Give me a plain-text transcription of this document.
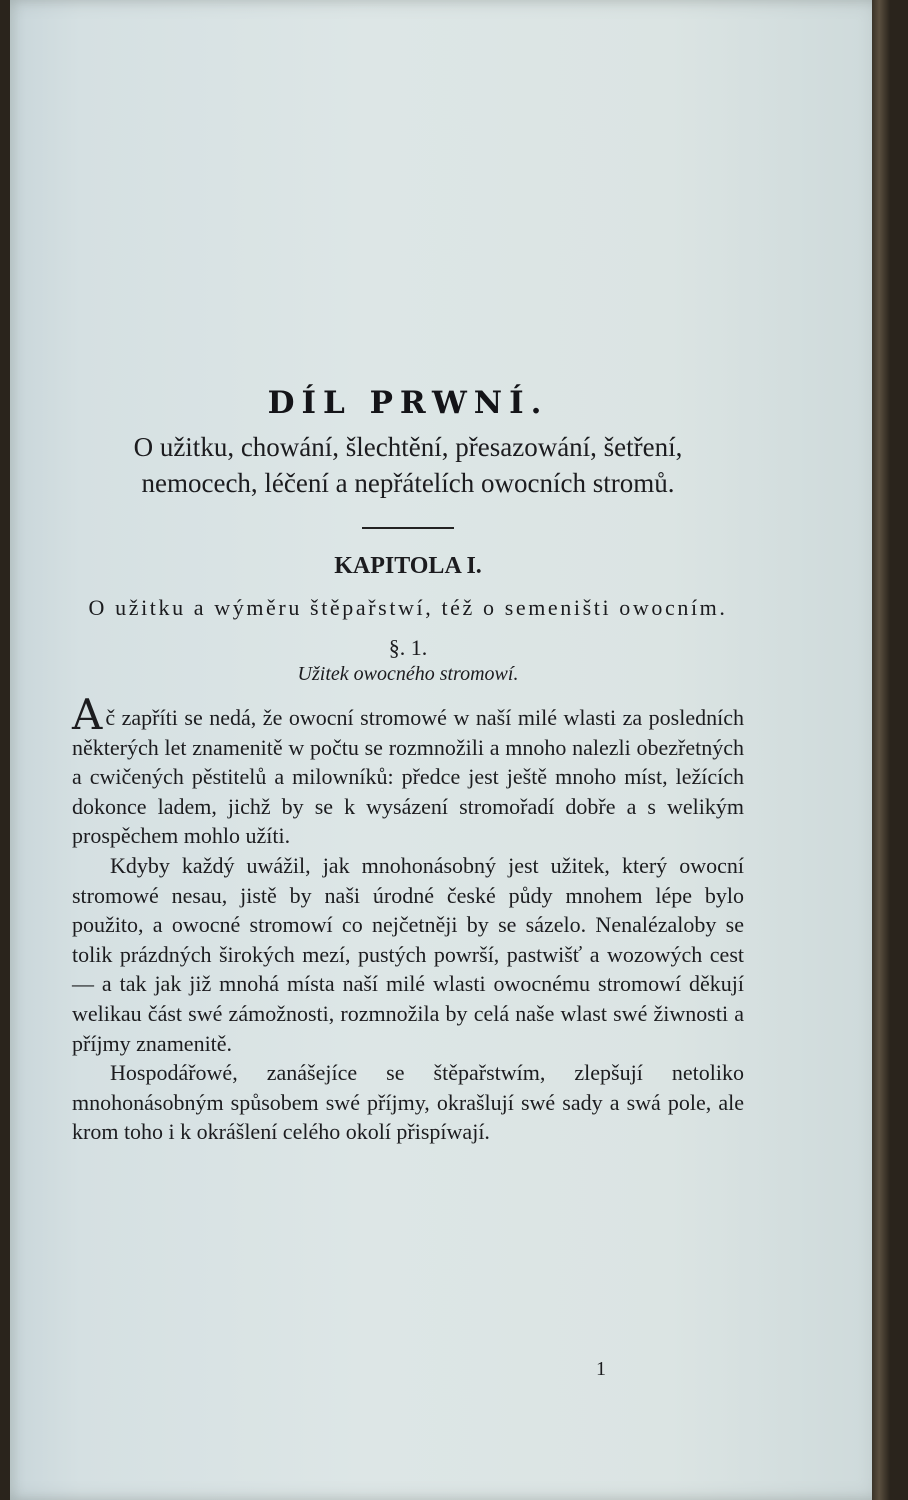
DÍL PRWNÍ.

O užitku, chowání, šlechtění, přesazowání, šetření, nemocech, léčení a nepřátelích owocních stromů.

KAPITOLA I.

O užitku a wýměru štěpařstwí, též o semeništi owocním.

§. 1.

Užitek owocného stromowí.

Ač zapříti se nedá, že owocní stromowé w naší milé wlasti za posledních některých let znamenitě w počtu se rozmnožili a mnoho nalezli obezřetných a cwičených pěstitelů a milowníků: předce jest ještě mnoho míst, ležících dokonce ladem, jichž by se k wysázení stromořadí dobře a s welikým prospěchem mohlo užíti.

Kdyby každý uwážil, jak mnohonásobný jest užitek, který owocní stromowé nesau, jistě by naši úrodné české půdy mnohem lépe bylo použito, a owocné stromowí co nejčetněji by se sázelo. Nenalézaloby se tolik prázdných širokých mezí, pustých powrší, pastwišť a wozowých cest — a tak jak již mnohá místa naší milé wlasti owocnému stromowí děkují welikau část swé zámožnosti, rozmnožila by celá naše wlast swé žiwnosti a příjmy znamenitě.

Hospodářowé, zanášejíce se štěpařstwím, zlepšují netoliko mnohonásobným spůsobem swé příjmy, okrašlují swé sady a swá pole, ale krom toho i k okrášlení celého okolí přispíwají.

1
